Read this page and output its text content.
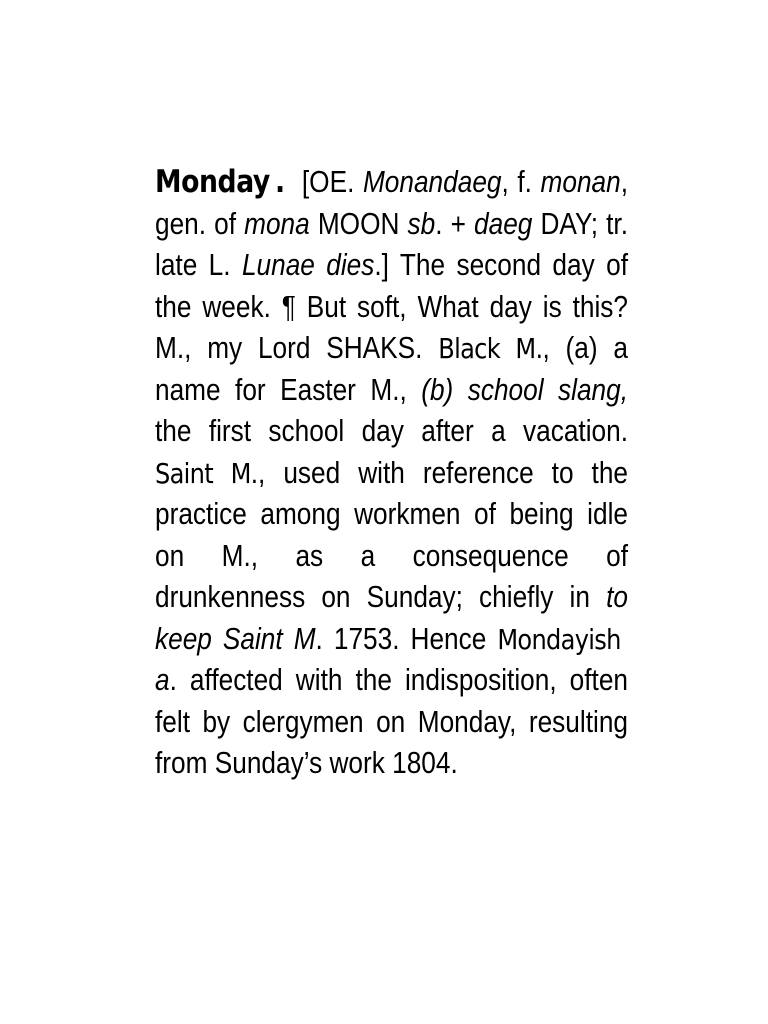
Monday . [OE. Monandaeg, f. monan, gen. of mona MOON sb. + daeg DAY; tr. late L. Lunae dies.] The second day of the week. ¶ But soft, What day is this? M., my Lord SHAKS. Black M., (a) a name for Easter M., (b) school slang, the first school day after a vacation. Saint M., used with reference to the practice among workmen of being idle on M., as a consequence of drunkenness on Sunday; chiefly in to keep Saint M. 1753. Hence Mondayish  a. affected with the indisposition, often felt by clergymen on Monday, resulting from Sunday’s work 1804.
